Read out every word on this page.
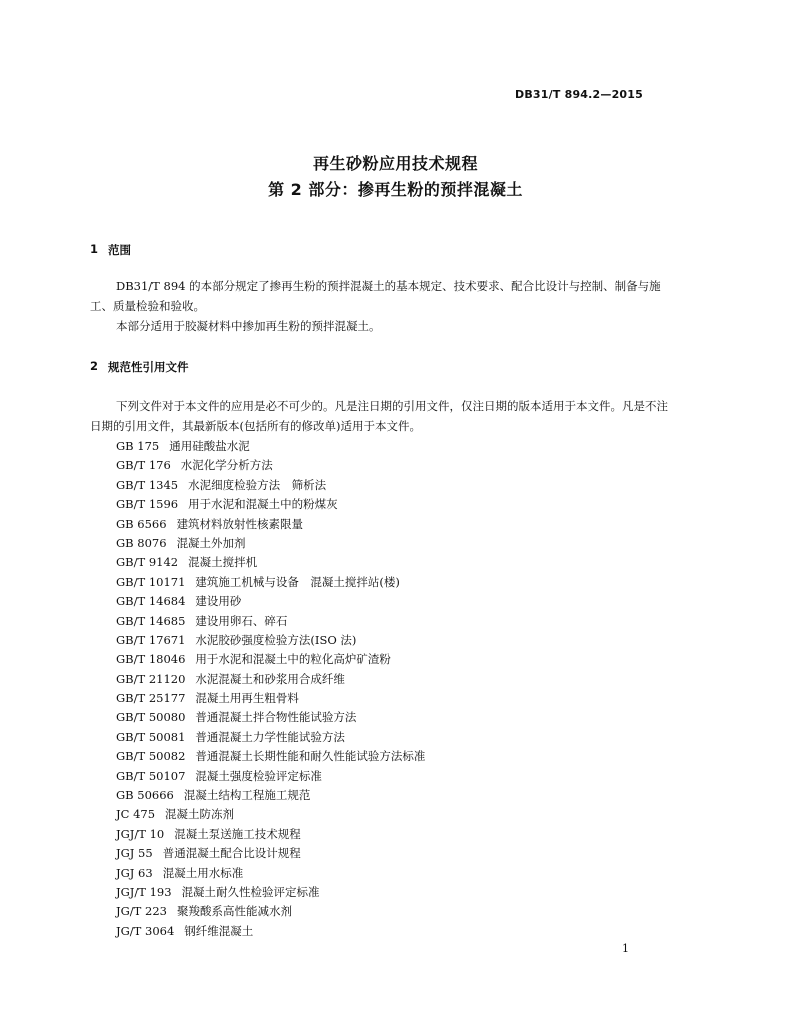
DB31/T 894.2—2015
再生砂粉应用技术规程
第 2 部分：掺再生粉的预拌混凝土
1 范围
DB31/T 894 的本部分规定了掺再生粉的预拌混凝土的基本规定、技术要求、配合比设计与控制、制备与施工、质量检验和验收。
本部分适用于胶凝材料中掺加再生粉的预拌混凝土。
2 规范性引用文件
下列文件对于本文件的应用是必不可少的。凡是注日期的引用文件，仅注日期的版本适用于本文件。凡是不注日期的引用文件，其最新版本(包括所有的修改单)适用于本文件。
GB 175 通用硅酸盐水泥
GB/T 176 水泥化学分析方法
GB/T 1345 水泥细度检验方法　筛析法
GB/T 1596 用于水泥和混凝土中的粉煤灰
GB 6566 建筑材料放射性核素限量
GB 8076 混凝土外加剂
GB/T 9142 混凝土搅拌机
GB/T 10171 建筑施工机械与设备　混凝土搅拌站(楼)
GB/T 14684 建设用砂
GB/T 14685 建设用卵石、碎石
GB/T 17671 水泥胶砂强度检验方法(ISO 法)
GB/T 18046 用于水泥和混凝土中的粒化高炉矿渣粉
GB/T 21120 水泥混凝土和砂浆用合成纤维
GB/T 25177 混凝土用再生粗骨料
GB/T 50080 普通混凝土拌合物性能试验方法
GB/T 50081 普通混凝土力学性能试验方法
GB/T 50082 普通混凝土长期性能和耐久性能试验方法标准
GB/T 50107 混凝土强度检验评定标准
GB 50666 混凝土结构工程施工规范
JC 475 混凝土防冻剂
JGJ/T 10 混凝土泵送施工技术规程
JGJ 55 普通混凝土配合比设计规程
JGJ 63 混凝土用水标准
JGJ/T 193 混凝土耐久性检验评定标准
JG/T 223 聚羧酸系高性能减水剂
JG/T 3064 钢纤维混凝土
1
